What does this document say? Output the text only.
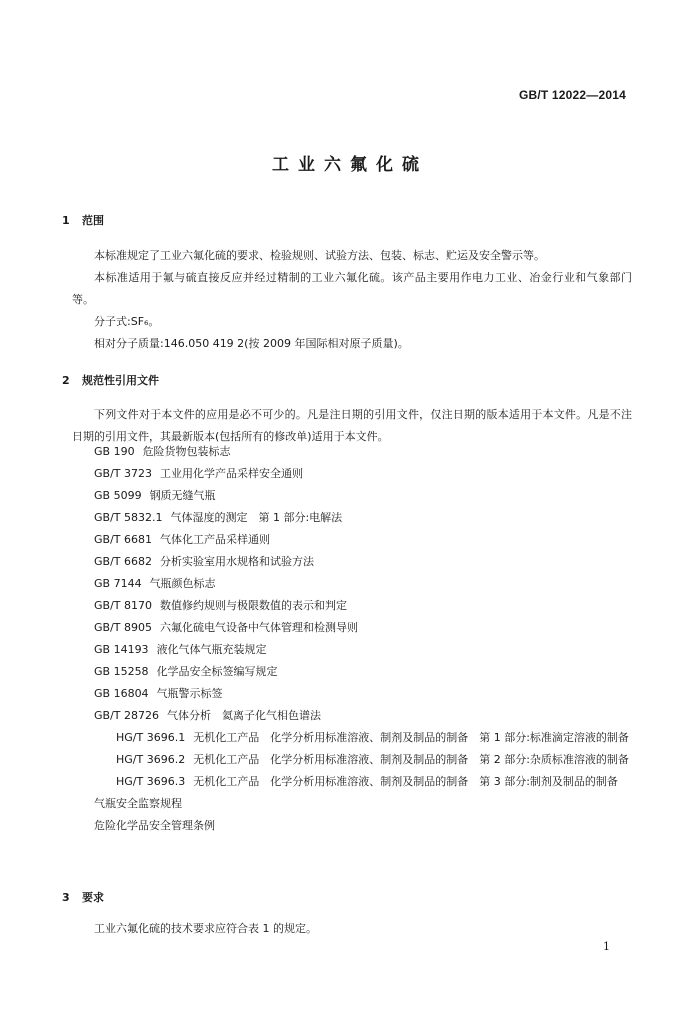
GB/T 12022—2014
工业六氟化硫
1 范围

本标准规定了工业六氟化硫的要求、检验规则、试验方法、包装、标志、贮运及安全警示等。

本标准适用于氟与硫直接反应并经过精制的工业六氟化硫。该产品主要用作电力工业、冶金行业和气象部门等。

分子式:SF₆。
相对分子质量:146.050 419 2(按 2009 年国际相对原子质量)。
2 规范性引用文件

下列文件对于本文件的应用是必不可少的。凡是注日期的引用文件，仅注日期的版本适用于本文件。凡是不注日期的引用文件，其最新版本(包括所有的修改单)适用于本文件。

GB 190 危险货物包装标志
GB/T 3723 工业用化学产品采样安全通则
GB 5099 钢质无缝气瓶
GB/T 5832.1 气体湿度的测定　第 1 部分:电解法
GB/T 6681 气体化工产品采样通则
GB/T 6682 分析实验室用水规格和试验方法
GB 7144 气瓶颜色标志
GB/T 8170 数值修约规则与极限数值的表示和判定
GB/T 8905 六氟化硫电气设备中气体管理和检测导则
GB 14193 液化气体气瓶充装规定
GB 15258 化学品安全标签编写规定
GB 16804 气瓶警示标签
GB/T 28726 气体分析　氦离子化气相色谱法
HG/T 3696.1 无机化工产品　化学分析用标准溶液、制剂及制品的制备　第 1 部分:标准滴定溶液的制备
HG/T 3696.2 无机化工产品　化学分析用标准溶液、制剂及制品的制备　第 2 部分:杂质标准溶液的制备
HG/T 3696.3 无机化工产品　化学分析用标准溶液、制剂及制品的制备　第 3 部分:制剂及制品的制备
气瓶安全监察规程
危险化学品安全管理条例
3 要求
工业六氟化硫的技术要求应符合表 1 的规定。
1
